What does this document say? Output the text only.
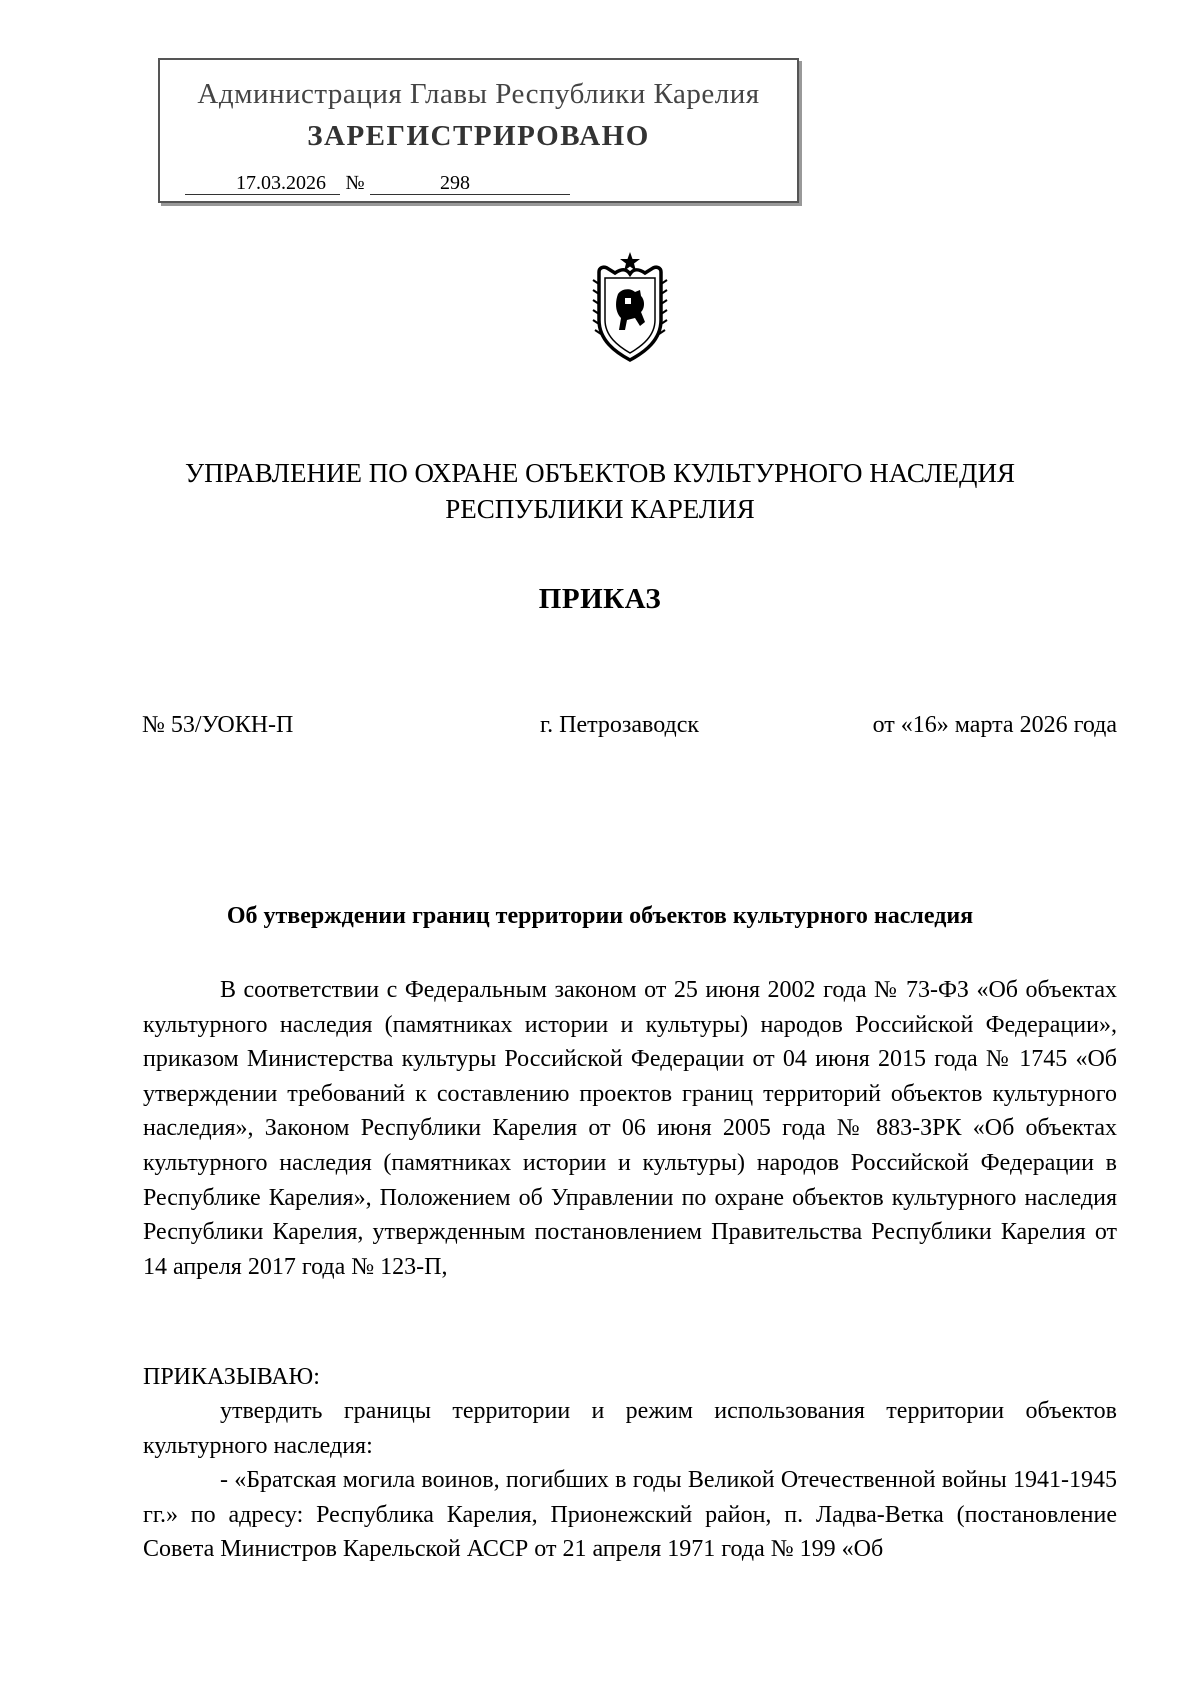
Администрация Главы Республики Карелия
ЗАРЕГИСТРИРОВАНО
17.03.2026 №	298
УПРАВЛЕНИЕ ПО ОХРАНЕ ОБЪЕКТОВ КУЛЬТУРНОГО НАСЛЕДИЯ
РЕСПУБЛИКИ КАРЕЛИЯ
ПРИКАЗ
№ 53/УОКН-П	г. Петрозаводск	от «16» марта 2026 года
Об утверждении границ территории объектов культурного наследия
В соответствии с Федеральным законом от 25 июня 2002 года № 73-ФЗ «Об объектах культурного наследия (памятниках истории и культуры) народов Российской Федерации», приказом Министерства культуры Российской Федерации от 04 июня 2015 года № 1745 «Об утверждении требований к составлению проектов границ территорий объектов культурного наследия», Законом Республики Карелия от 06 июня 2005 года № 883-ЗРК «Об объектах культурного наследия (памятниках истории и культуры) народов Российской Федерации в Республике Карелия», Положением об Управлении по охране объектов культурного наследия Республики Карелия, утвержденным постановлением Правительства Республики Карелия от 14 апреля 2017 года № 123-П,
ПРИКАЗЫВАЮ:
утвердить границы территории и режим использования территории объектов культурного наследия:
- «Братская могила воинов, погибших в годы Великой Отечественной войны 1941-1945 гг.» по адресу: Республика Карелия, Прионежский район, п. Ладва-Ветка (постановление Совета Министров Карельской АССР от 21 апреля 1971 года № 199 «Об
